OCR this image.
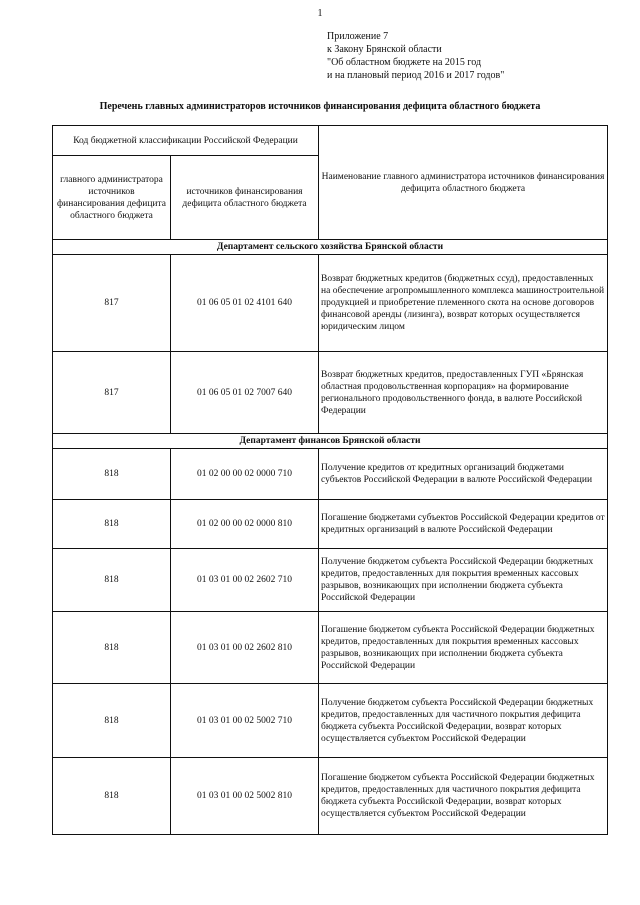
1
Приложение 7
к Закону Брянской области
"Об областном бюджете на 2015 год
и на плановый период 2016 и 2017 годов"
Перечень главных администраторов источников финансирования дефицита областного бюджета
Код бюджетной классификации Российской Федерации		Наименование главного администратора источников финансирования дефицита областного бюджета
главного администратора источников финансирования дефицита областного бюджета	источников финансирования дефицита областного бюджета	
Департамент сельского хозяйства Брянской области		
817	01 06 05 01 02 4101 640	Возврат бюджетных кредитов (бюджетных ссуд), предоставленных на обеспечение агропромышленного комплекса машиностроительной продукцией и приобретение племенного скота на основе договоров финансовой аренды (лизинга), возврат которых осуществляется юридическим лицом
817	01 06 05 01 02 7007 640	Возврат бюджетных кредитов, предоставленных ГУП «Брянская областная продовольственная корпорация» на формирование регионального продовольственного фонда, в валюте Российской Федерации
Департамент финансов Брянской области		
818	01 02 00 00 02 0000 710	Получение кредитов от кредитных организаций бюджетами субъектов Российской Федерации в валюте Российской Федерации
818	01 02 00 00 02 0000 810	Погашение бюджетами субъектов Российской Федерации кредитов от кредитных организаций в валюте Российской Федерации
818	01 03 01 00 02 2602 710	Получение бюджетом субъекта Российской Федерации бюджетных кредитов, предоставленных для покрытия временных кассовых разрывов, возникающих при исполнении бюджета субъекта Российской Федерации
818	01 03 01 00 02 2602 810	Погашение бюджетом субъекта Российской Федерации бюджетных кредитов, предоставленных для покрытия временных кассовых разрывов, возникающих при исполнении бюджета субъекта Российской Федерации
818	01 03 01 00 02 5002 710	Получение бюджетом субъекта Российской Федерации бюджетных кредитов, предоставленных для частичного покрытия дефицита бюджета субъекта Российской Федерации, возврат которых осуществляется субъектом Российской Федерации
818	01 03 01 00 02 5002 810	Погашение бюджетом субъекта Российской Федерации бюджетных кредитов, предоставленных для частичного покрытия дефицита бюджета субъекта Российской Федерации, возврат которых осуществляется субъектом Российской Федерации
